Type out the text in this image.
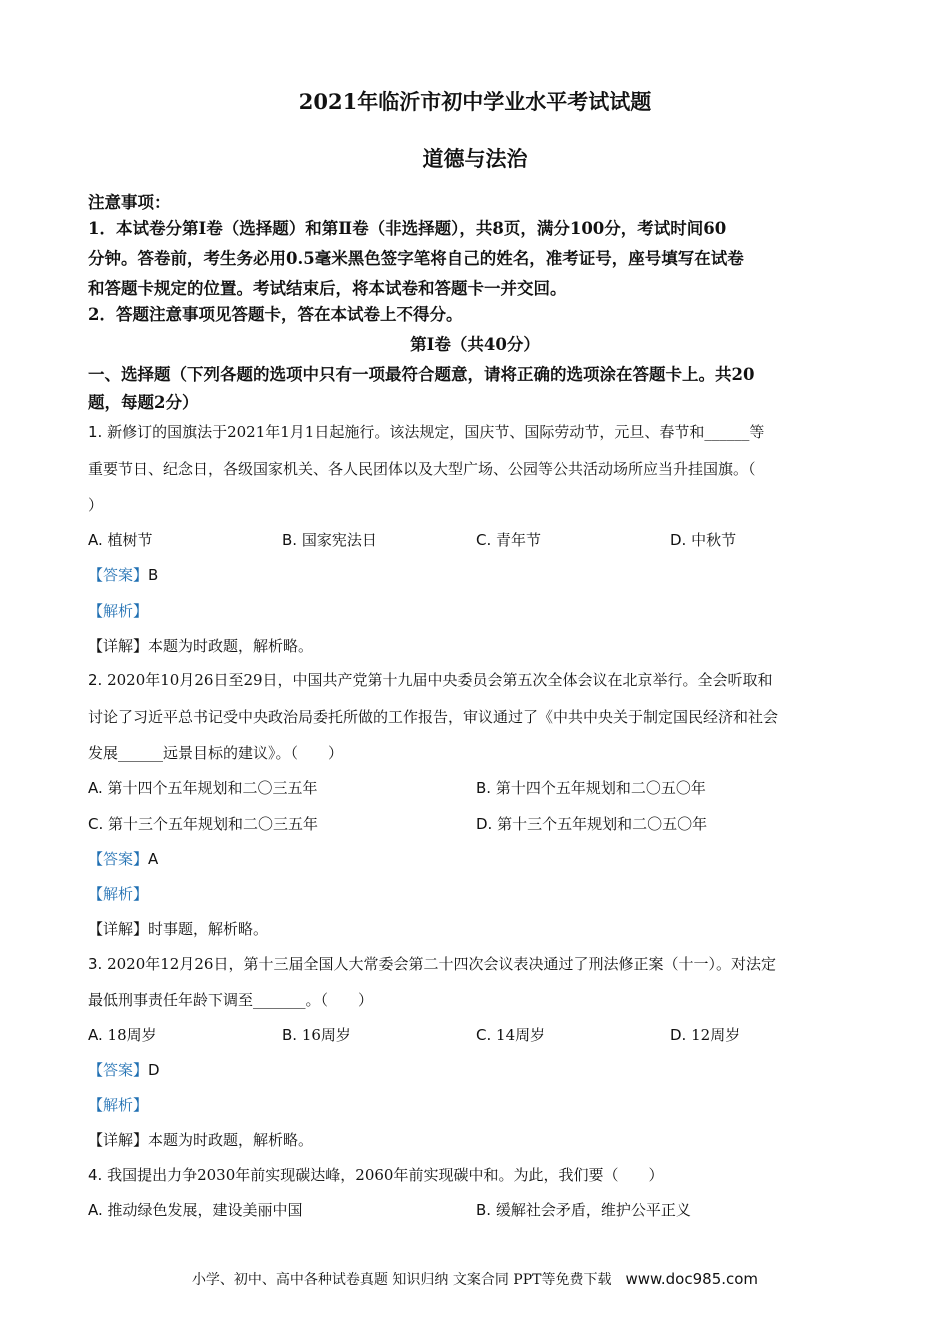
2021年临沂市初中学业水平考试试题
道德与法治
注意事项：
1．本试卷分第Ⅰ卷（选择题）和第Ⅱ卷（非选择题），共8页，满分100分，考试时间60
分钟。答卷前，考生务必用0.5毫米黑色签字笔将自己的姓名，准考证号，座号填写在试卷
和答题卡规定的位置。考试结束后，将本试卷和答题卡一并交回。
2．答题注意事项见答题卡，答在本试卷上不得分。
第Ⅰ卷（共40分）
一、选择题（下列各题的选项中只有一项最符合题意，请将正确的选项涂在答题卡上。共20
题，每题2分）
1. 新修订的国旗法于2021年1月1日起施行。该法规定，国庆节、国际劳动节，元旦、春节和______等
重要节日、纪念日，各级国家机关、各人民团体以及大型广场、公园等公共活动场所应当升挂国旗。（
）
A. 植树节	B. 国家宪法日	C. 青年节	D. 中秋节
【答案】B
【解析】
【详解】本题为时政题，解析略。
2. 2020年10月26日至29日，中国共产党第十九届中央委员会第五次全体会议在北京举行。全会听取和
讨论了习近平总书记受中央政治局委托所做的工作报告，审议通过了《中共中央关于制定国民经济和社会
发展______远景目标的建议》。（　　）
A. 第十四个五年规划和二〇三五年	B. 第十四个五年规划和二〇五〇年
C. 第十三个五年规划和二〇三五年	D. 第十三个五年规划和二〇五〇年
【答案】A
【解析】
【详解】时事题，解析略。
3. 2020年12月26日，第十三届全国人大常委会第二十四次会议表决通过了刑法修正案（十一）。对法定
最低刑事责任年龄下调至_______。（　　）
A. 18周岁	B. 16周岁	C. 14周岁	D. 12周岁
【答案】D
【解析】
【详解】本题为时政题，解析略。
4. 我国提出力争2030年前实现碳达峰，2060年前实现碳中和。为此，我们要（　　）
A. 推动绿色发展，建设美丽中国	B. 缓解社会矛盾，维护公平正义
小学、初中、高中各种试卷真题 知识归纳 文案合同 PPT等免费下载 www.doc985.com
